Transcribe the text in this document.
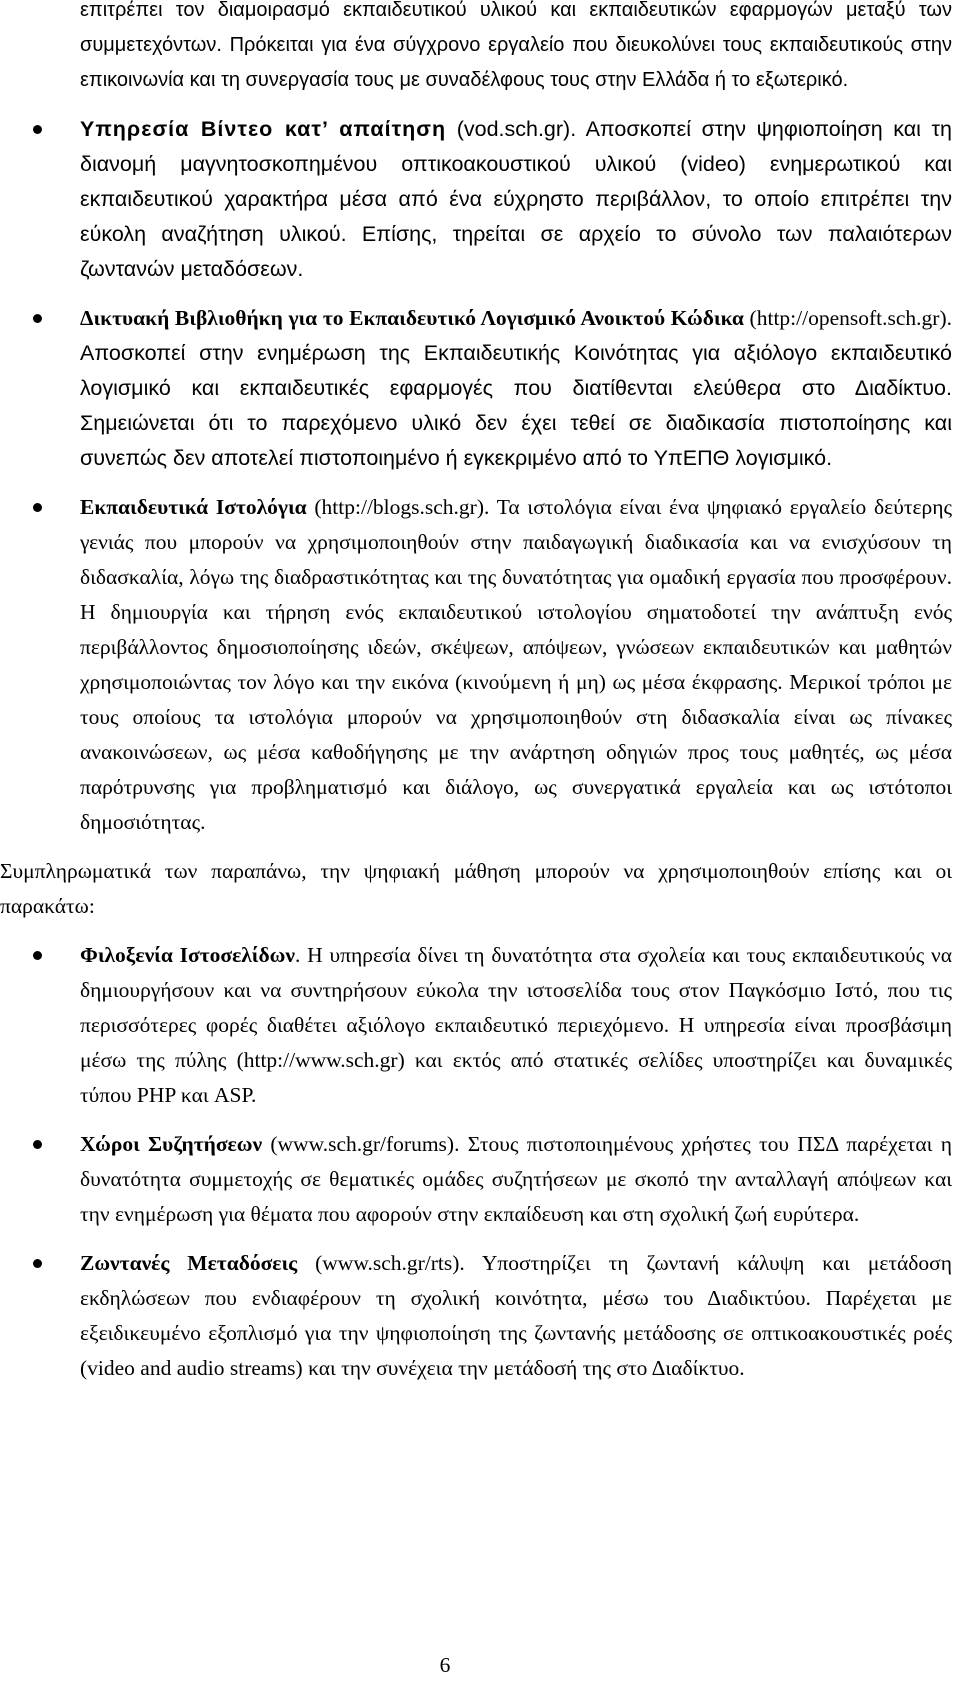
επιτρέπει τον διαμοιρασμό εκπαιδευτικού υλικού και εκπαιδευτικών εφαρμογών μεταξύ των συμμετεχόντων. Πρόκειται για ένα σύγχρονο εργαλείο που διευκολύνει τους εκπαιδευτικούς στην επικοινωνία και τη συνεργασία τους με συναδέλφους τους στην Ελλάδα ή το εξωτερικό.
Υπηρεσία Βίντεο κατ’ απαίτηση (vod.sch.gr). Αποσκοπεί στην ψηφιοποίηση και τη διανομή μαγνητοσκοπημένου οπτικοακουστικού υλικού (video) ενημερωτικού και εκπαιδευτικού χαρακτήρα μέσα από ένα εύχρηστο περιβάλλον, το οποίο επιτρέπει την εύκολη αναζήτηση υλικού. Επίσης, τηρείται σε αρχείο το σύνολο των παλαιότερων ζωντανών μεταδόσεων.
Δικτυακή Βιβλιοθήκη για το Εκπαιδευτικό Λογισμικό Ανοικτού Κώδικα (http://opensoft.sch.gr). Αποσκοπεί στην ενημέρωση της Εκπαιδευτικής Κοινότητας για αξιόλογο εκπαιδευτικό λογισμικό και εκπαιδευτικές εφαρμογές που διατίθενται ελεύθερα στο Διαδίκτυο. Σημειώνεται ότι το παρεχόμενο υλικό δεν έχει τεθεί σε διαδικασία πιστοποίησης και συνεπώς δεν αποτελεί πιστοποιημένο ή εγκεκριμένο από το ΥπΕΠΘ λογισμικό.
Εκπαιδευτικά Ιστολόγια (http://blogs.sch.gr). Τα ιστολόγια είναι ένα ψηφιακό εργαλείο δεύτερης γενιάς που μπορούν να χρησιμοποιηθούν στην παιδαγωγική διαδικασία και να ενισχύσουν τη διδασκαλία, λόγω της διαδραστικότητας και της δυνατότητας για ομαδική εργασία που προσφέρουν. Η δημιουργία και τήρηση ενός εκπαιδευτικού ιστολογίου σηματοδοτεί την ανάπτυξη ενός περιβάλλοντος δημοσιοποίησης ιδεών, σκέψεων, απόψεων, γνώσεων εκπαιδευτικών και μαθητών χρησιμοποιώντας τον λόγο και την εικόνα (κινούμενη ή μη) ως μέσα έκφρασης. Μερικοί τρόποι με τους οποίους τα ιστολόγια μπορούν να χρησιμοποιηθούν στη διδασκαλία είναι ως πίνακες ανακοινώσεων, ως μέσα καθοδήγησης με την ανάρτηση οδηγιών προς τους μαθητές, ως μέσα παρότρυνσης για προβληματισμό και διάλογο, ως συνεργατικά εργαλεία και ως ιστότοποι δημοσιότητας.

Συμπληρωματικά των παραπάνω, την ψηφιακή μάθηση μπορούν να χρησιμοποιηθούν επίσης και οι παρακάτω:

Φιλοξενία Ιστοσελίδων. Η υπηρεσία δίνει τη δυνατότητα στα σχολεία και τους εκπαιδευτικούς να δημιουργήσουν και να συντηρήσουν εύκολα την ιστοσελίδα τους στον Παγκόσμιο Ιστό, που τις περισσότερες φορές διαθέτει αξιόλογο εκπαιδευτικό περιεχόμενο. Η υπηρεσία είναι προσβάσιμη μέσω της πύλης (http://www.sch.gr) και εκτός από στατικές σελίδες υποστηρίζει και δυναμικές τύπου PHP και ASP.
Χώροι Συζητήσεων (www.sch.gr/forums). Στους πιστοποιημένους χρήστες του ΠΣΔ παρέχεται η δυνατότητα συμμετοχής σε θεματικές ομάδες συζητήσεων με σκοπό την ανταλλαγή απόψεων και την ενημέρωση για θέματα που αφορούν στην εκπαίδευση και στη σχολική ζωή ευρύτερα.
Ζωντανές Μεταδόσεις (www.sch.gr/rts). Υποστηρίζει τη ζωντανή κάλυψη και μετάδοση εκδηλώσεων που ενδιαφέρουν τη σχολική κοινότητα, μέσω του Διαδικτύου. Παρέχεται με εξειδικευμένο εξοπλισμό για την ψηφιοποίηση της ζωντανής μετάδοσης σε οπτικοακουστικές ροές (video and audio streams) και την συνέχεια την μετάδοσή της στο Διαδίκτυο.
6
